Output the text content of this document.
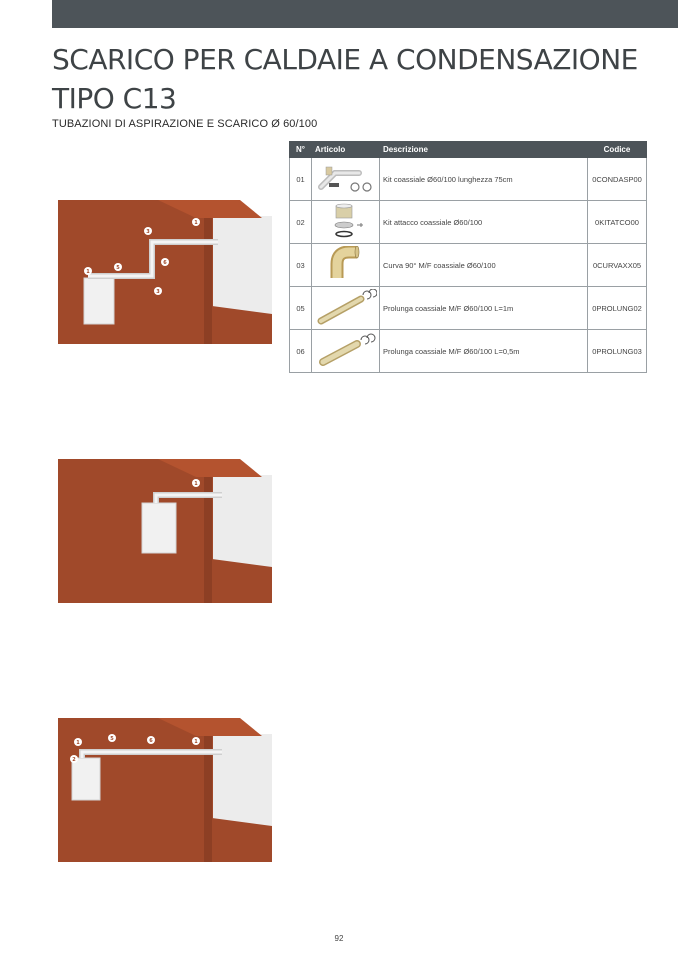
SCARICO PER CALDAIE A CONDENSAZIONE
TIPO C13
TUBAZIONI DI ASPIRAZIONE E SCARICO Ø 60/100
N°	Articolo	Descrizione	Codice
01		Kit coassiale Ø60/100 lunghezza 75cm	0CONDASP00
02		Kit attacco coassiale Ø60/100	0KITATCO00
03		Curva 90° M/F coassiale Ø60/100	0CURVAXX05
05		Prolunga coassiale M/F Ø60/100 L=1m	0PROLUNG02
06		Prolunga coassiale M/F Ø60/100 L=0,5m	0PROLUNG03
1
3
1
5
6
3
1
1
2
5	6	1
92
